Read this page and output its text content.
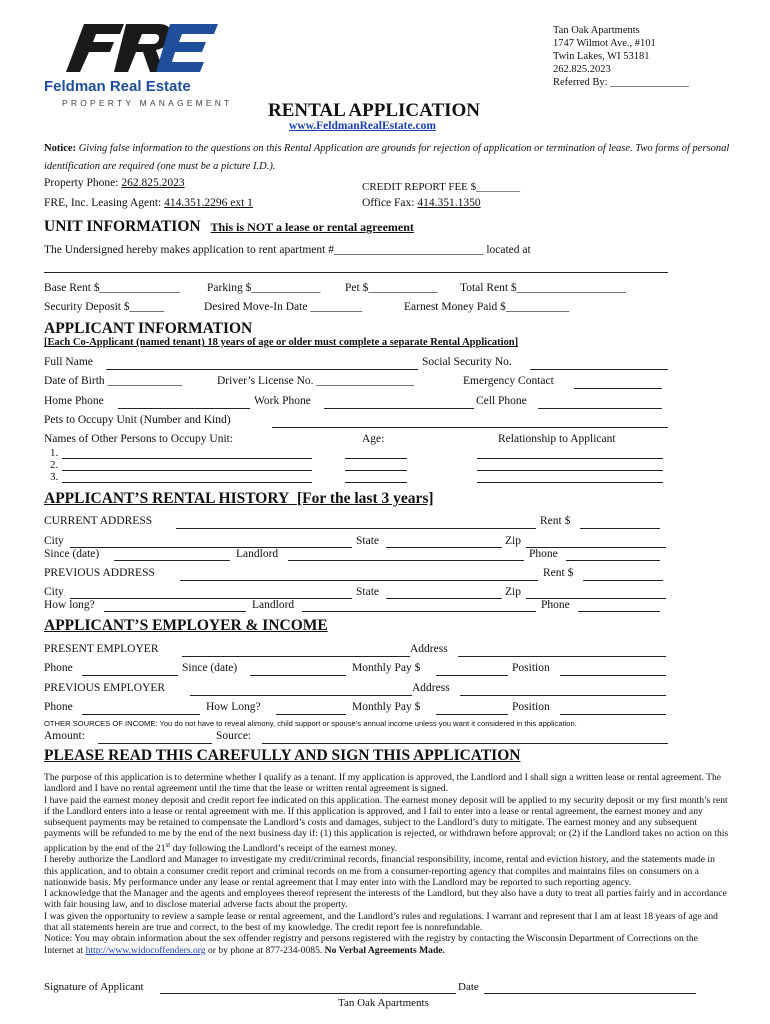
Feldman Real Estate
PROPERTY MANAGEMENT
Tan Oak Apartments
1747 Wilmot Ave., #101
Twin Lakes, WI 53181
262.825.2023
Referred By: _______________
RENTAL APPLICATION
www.FeldmanRealEstate.com
Notice: Giving false information to the questions on this Rental Application are grounds for rejection of application or termination of lease. Two forms of personal identification are required (one must be a picture I.D.).
Property Phone: 262.825.2023	CREDIT REPORT FEE $________
FRE, Inc. Leasing Agent: 414.351.2296 ext 1	Office Fax: 414.351.1350
UNIT INFORMATION This is NOT a lease or rental agreement
The Undersigned hereby makes application to rent apartment #__________________________ located at
Base Rent $______________ Parking $____________ Pet $____________ Total Rent $___________________
Security Deposit $______	Desired Move-In Date _________	Earnest Money Paid $___________
APPLICANT INFORMATION
[Each Co-Applicant (named tenant) 18 years of age or older must complete a separate Rental Application]
Full Name	Social Security No.
Date of Birth _____________	Driver’s License No. _________________	Emergency Contact
Home Phone	Work Phone	Cell Phone
Pets to Occupy Unit (Number and Kind)
Names of Other Persons to Occupy Unit:	Age:	Relationship to Applicant
1.
2.
3.
APPLICANT’S RENTAL HISTORY [For the last 3 years]
CURRENT ADDRESS	Rent $
City	State	Zip
Since (date)	Landlord	Phone
PREVIOUS ADDRESS	Rent $
City	State	Zip
How long?	Landlord	Phone
APPLICANT’S EMPLOYER & INCOME
PRESENT EMPLOYER	Address
Phone	Since (date)	Monthly Pay $	Position
PREVIOUS EMPLOYER	Address
Phone	How Long?	Monthly Pay $	Position
OTHER SOURCES OF INCOME: You do not have to reveal alimony, child support or spouse’s annual income unless you want it considered in this application.
Amount:	Source:
PLEASE READ THIS CAREFULLY AND SIGN THIS APPLICATION

The purpose of this application is to determine whether I qualify as a tenant. If my application is approved, the Landlord and I shall sign a written lease or rental agreement. The landlord and I have no rental agreement until the time that the lease or written rental agreement is signed.

I have paid the earnest money deposit and credit report fee indicated on this application. The earnest money deposit will be applied to my security deposit or my first month’s rent if the Landlord enters into a lease or rental agreement with me. If this application is approved, and I fail to enter into a lease or rental agreement, the earnest money and any subsequent payments may be retained to compensate the Landlord’s costs and damages, subject to the Landlord’s duty to mitigate. The earnest money and any subsequent payments will be refunded to me by the end of the next business day if: (1) this application is rejected, or withdrawn before approval; or (2) if the Landlord takes no action on this application by the end of the 21st day following the Landlord’s receipt of the earnest money.

I hereby authorize the Landlord and Manager to investigate my credit/criminal records, financial responsibility, income, rental and eviction history, and the statements made in this application, and to obtain a consumer credit report and criminal records on me from a consumer-reporting agency that compiles and maintains files on consumers on a nationwide basis. My performance under any lease or rental agreement that I may enter into with the Landlord may be reported to such reporting agency.

I acknowledge that the Manager and the agents and employees thereof represent the interests of the Landlord, but they also have a duty to treat all parties fairly and in accordance with fair housing law, and to disclose material adverse facts about the property.

I was given the opportunity to review a sample lease or rental agreement, and the Landlord’s rules and regulations. I warrant and represent that I am at least 18 years of age and that all statements herein are true and correct, to the best of my knowledge. The credit report fee is nonrefundable.

Notice: You may obtain information about the sex offender registry and persons registered with the registry by contacting the Wisconsin Department of Corrections on the Internet at http://www.widocoffenders.org or by phone at 877-234-0085. No Verbal Agreements Made.

Signature of Applicant	Date
Tan Oak Apartments
